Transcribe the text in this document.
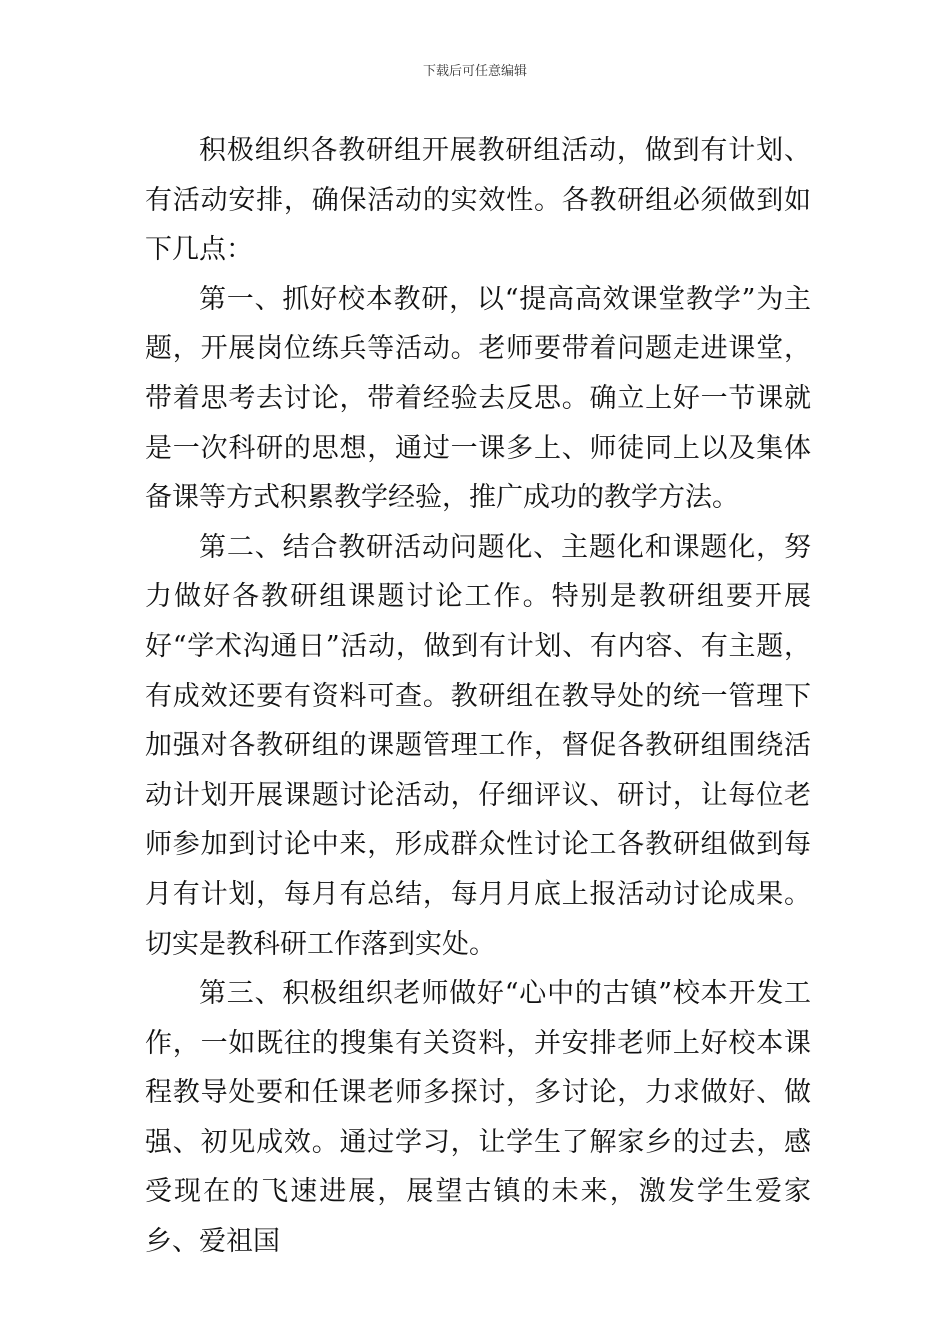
下载后可任意编辑

积极组织各教研组开展教研组活动，做到有计划、有活动安排，确保活动的实效性。各教研组必须做到如下几点：

第一、抓好校本教研，以“提高高效课堂教学”为主题，开展岗位练兵等活动。老师要带着问题走进课堂，带着思考去讨论，带着经验去反思。确立上好一节课就是一次科研的思想，通过一课多上、师徒同上以及集体备课等方式积累教学经验，推广成功的教学方法。

第二、结合教研活动问题化、主题化和课题化，努力做好各教研组课题讨论工作。特别是教研组要开展好“学术沟通日”活动，做到有计划、有内容、有主题，有成效还要有资料可查。教研组在教导处的统一管理下加强对各教研组的课题管理工作，督促各教研组围绕活动计划开展课题讨论活动，仔细评议、研讨，让每位老师参加到讨论中来，形成群众性讨论工各教研组做到每月有计划，每月有总结，每月月底上报活动讨论成果。切实是教科研工作落到实处。

第三、积极组织老师做好“心中的古镇”校本开发工作，一如既往的搜集有关资料，并安排老师上好校本课程教导处要和任课老师多探讨，多讨论，力求做好、做强、初见成效。通过学习，让学生了解家乡的过去，感受现在的飞速进展，展望古镇的未来，激发学生爱家乡、爱祖国
